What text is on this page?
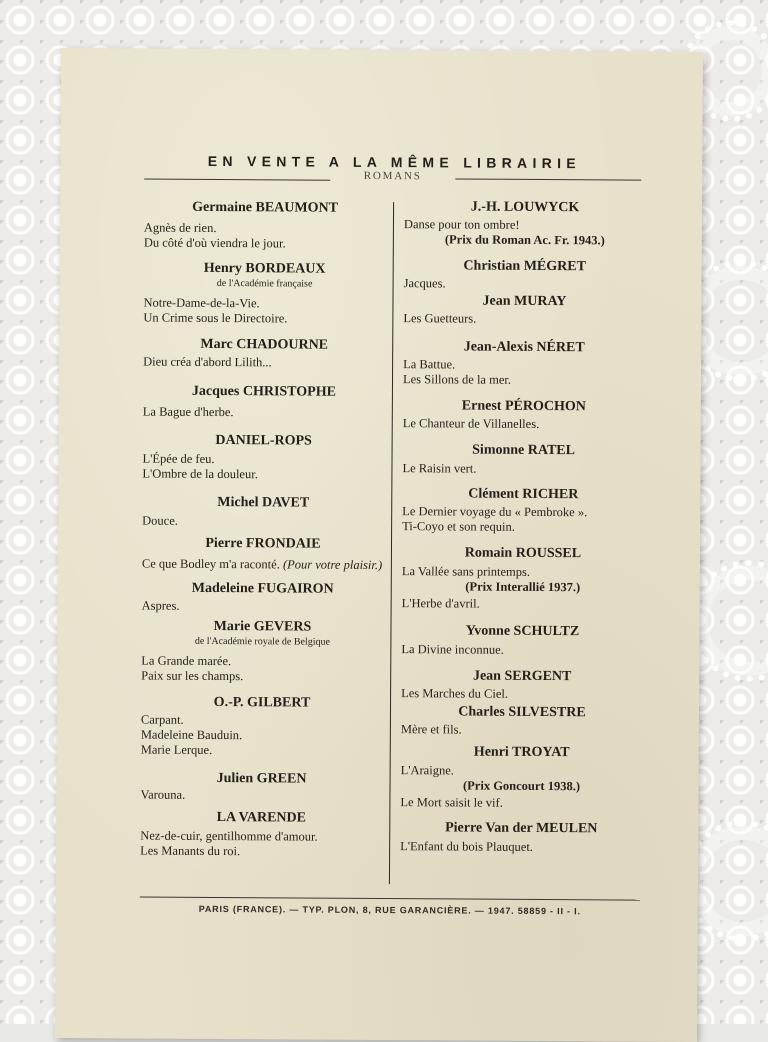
EN VENTE A LA MÊME LIBRAIRIE
ROMANS
Germaine BEAUMONT
Agnès de rien.
Du côté d'où viendra le jour.
Henry BORDEAUX
de l'Académie française
Notre-Dame-de-la-Vie.
Un Crime sous le Directoire.
Marc CHADOURNE
Dieu créa d'abord Lilith...
Jacques CHRISTOPHE
La Bague d'herbe.
DANIEL-ROPS
L'Épée de feu.
L'Ombre de la douleur.
Michel DAVET
Douce.
Pierre FRONDAIE
Ce que Bodley m'a raconté. (Pour votre plaisir.)
Madeleine FUGAIRON
Aspres.
Marie GEVERS
de l'Académie royale de Belgique
La Grande marée.
Paix sur les champs.
O.-P. GILBERT
Carpant.
Madeleine Bauduin.
Marie Lerque.
Julien GREEN
Varouna.
LA VARENDE
Nez-de-cuir, gentilhomme d'amour.
Les Manants du roi.
J.-H. LOUWYCK
Danse pour ton ombre!
(Prix du Roman Ac. Fr. 1943.)
Christian MÉGRET
Jacques.
Jean MURAY
Les Guetteurs.
Jean-Alexis NÉRET
La Battue.
Les Sillons de la mer.
Ernest PÉROCHON
Le Chanteur de Villanelles.
Simonne RATEL
Le Raisin vert.
Clément RICHER
Le Dernier voyage du « Pembroke ».
Ti-Coyo et son requin.
Romain ROUSSEL
La Vallée sans printemps.
(Prix Interallié 1937.)
L'Herbe d'avril.
Yvonne SCHULTZ
La Divine inconnue.
Jean SERGENT
Les Marches du Ciel.
Charles SILVESTRE
Mère et fils.
Henri TROYAT
L'Araigne.
(Prix Goncourt 1938.)
Le Mort saisit le vif.
Pierre Van der MEULEN
L'Enfant du bois Plauquet.
PARIS (FRANCE). — TYP. PLON, 8, RUE GARANCIÈRE. — 1947. 58859 - II - I.
